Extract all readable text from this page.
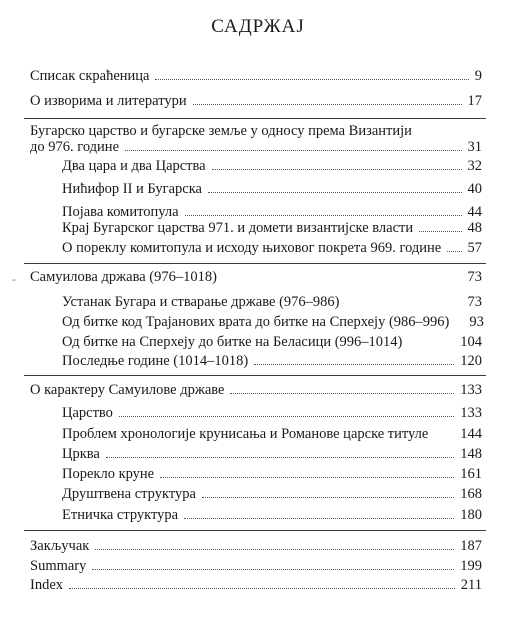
САДРЖАЈ
Списак скраћеница	9
О изворима и литератури	17
Бугарско царство и бугарске земље у односу према Византији
до 976. године	31
Два цара и два Царства	32
Нићифор II и Бугарска	40
Појава комитопула	44
Крај Бугарског царства 971. и домети византијске власти	48
О пореклу комитопула и исходу њиховог покрета 969. године 57
- Самуилова држава (976–1018)	73
Устанак Бугара и стварање државе (976–986)	73
Од битке код Трајанових врата до битке на Сперхеју (986–996) 93
Од битке на Сперхеју до битке на Беласици (996–1014)	104
Последње године (1014–1018)	120
О карактеру Самуилове државе	133
Царство	133
Проблем хронологије крунисања и Романове царске титуле 144
Црква	148
Порекло круне	161
Друштвена структура	168
Етничка структура	180
Закључак	187
Summary	199
Index	211
